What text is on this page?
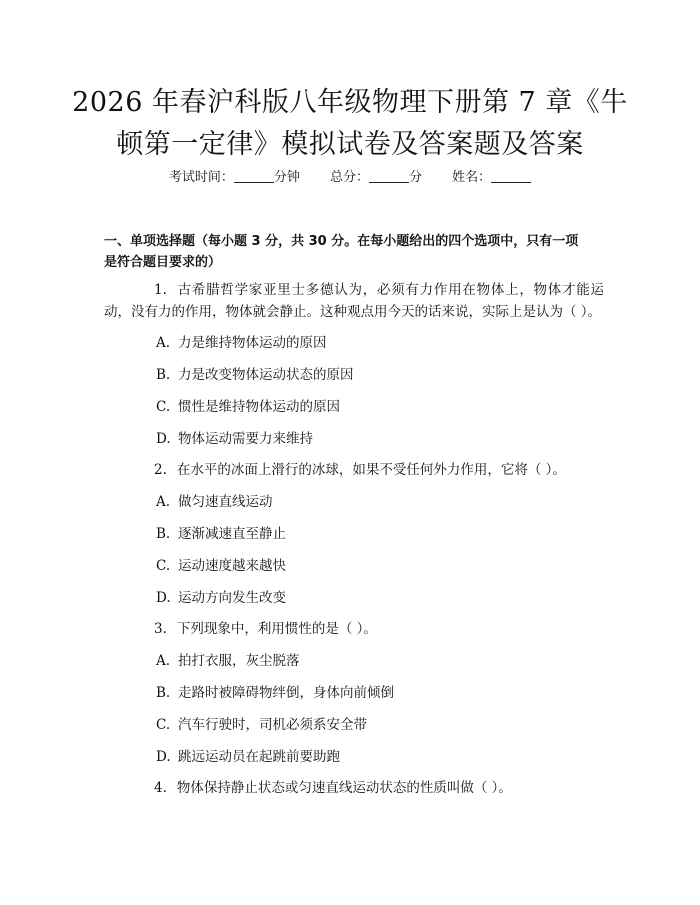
2026 年春沪科版八年级物理下册第 7 章《牛
顿第一定律》模拟试卷及答案题及答案
考试时间：	分钟 总分：	分 姓名：
一、单项选择题（每小题 3 分，共 30 分。在每小题给出的四个选项中，只有一项
是符合题目要求的）
1. 古希腊哲学家亚里士多德认为，必须有力作用在物体上，物体才能运动，没有力的作用，物体就会静止。这种观点用今天的话来说，实际上是认为（ ）。
A. 力是维持物体运动的原因
B. 力是改变物体运动状态的原因
C. 惯性是维持物体运动的原因
D. 物体运动需要力来维持
2. 在水平的冰面上滑行的冰球，如果不受任何外力作用，它将（ ）。
A. 做匀速直线运动
B. 逐渐减速直至静止
C. 运动速度越来越快
D. 运动方向发生改变
3. 下列现象中，利用惯性的是（ ）。
A. 拍打衣服，灰尘脱落
B. 走路时被障碍物绊倒，身体向前倾倒
C. 汽车行驶时，司机必须系安全带
D. 跳远运动员在起跳前要助跑
4. 物体保持静止状态或匀速直线运动状态的性质叫做（ ）。
